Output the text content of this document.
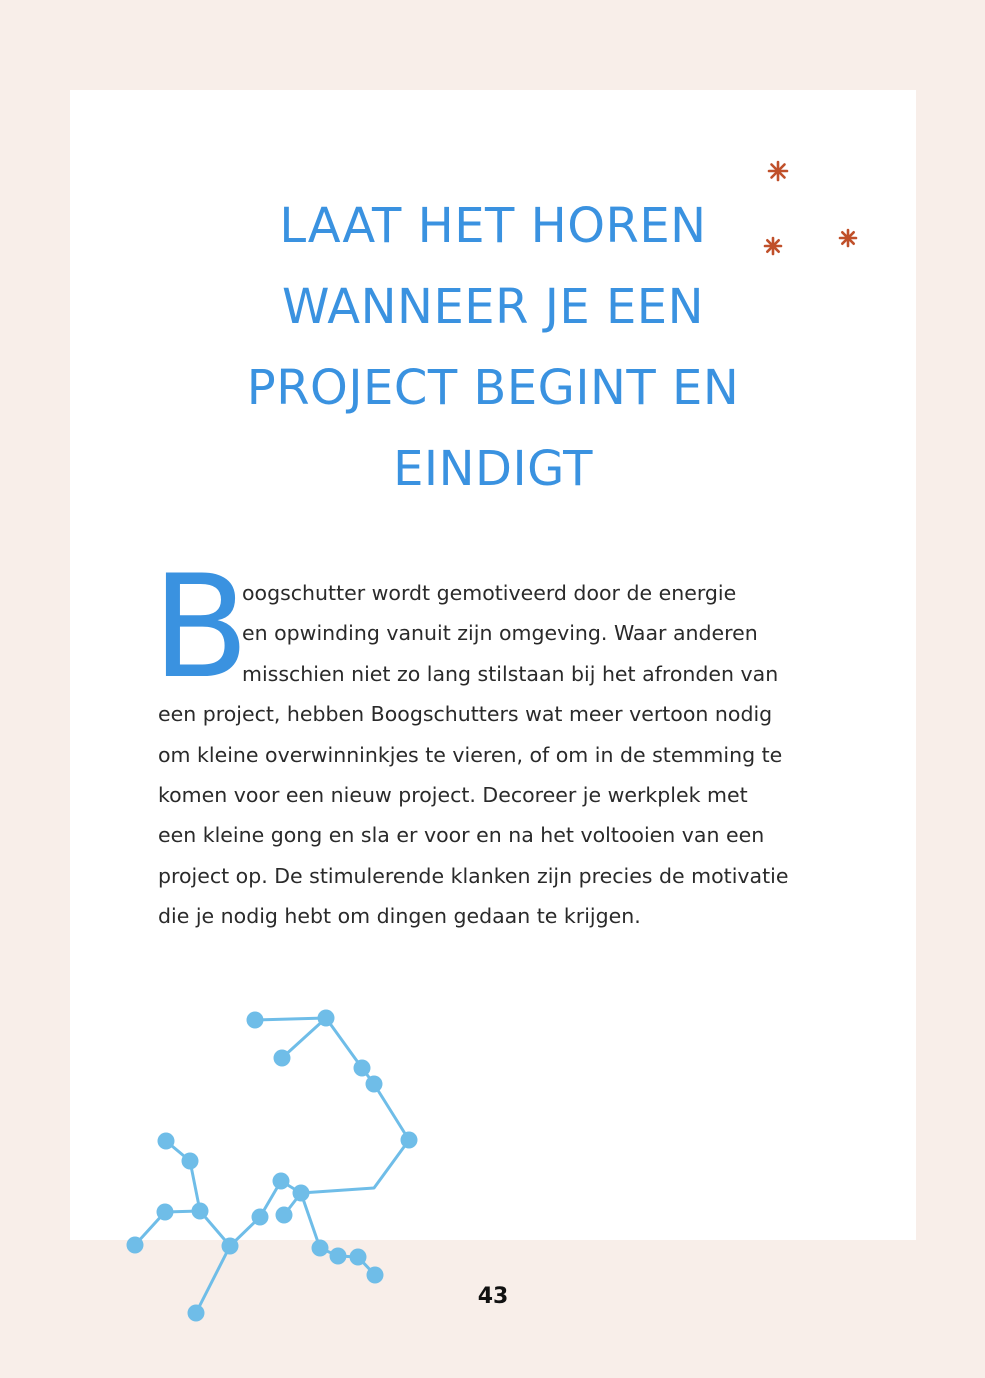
LAAT HET HOREN
WANNEER JE EEN
PROJECT BEGINT EN
EINDIGT
B
oogschutter wordt gemotiveerd door de energie
en opwinding vanuit zijn omgeving. Waar anderen
misschien niet zo lang stilstaan bij het afronden van
een project, hebben Boogschutters wat meer vertoon nodig
om kleine overwinninkjes te vieren, of om in de stemming te
komen voor een nieuw project. Decoreer je werkplek met
een kleine gong en sla er voor en na het voltooien van een
project op. De stimulerende klanken zijn precies de motivatie
die je nodig hebt om dingen gedaan te krijgen.
43
